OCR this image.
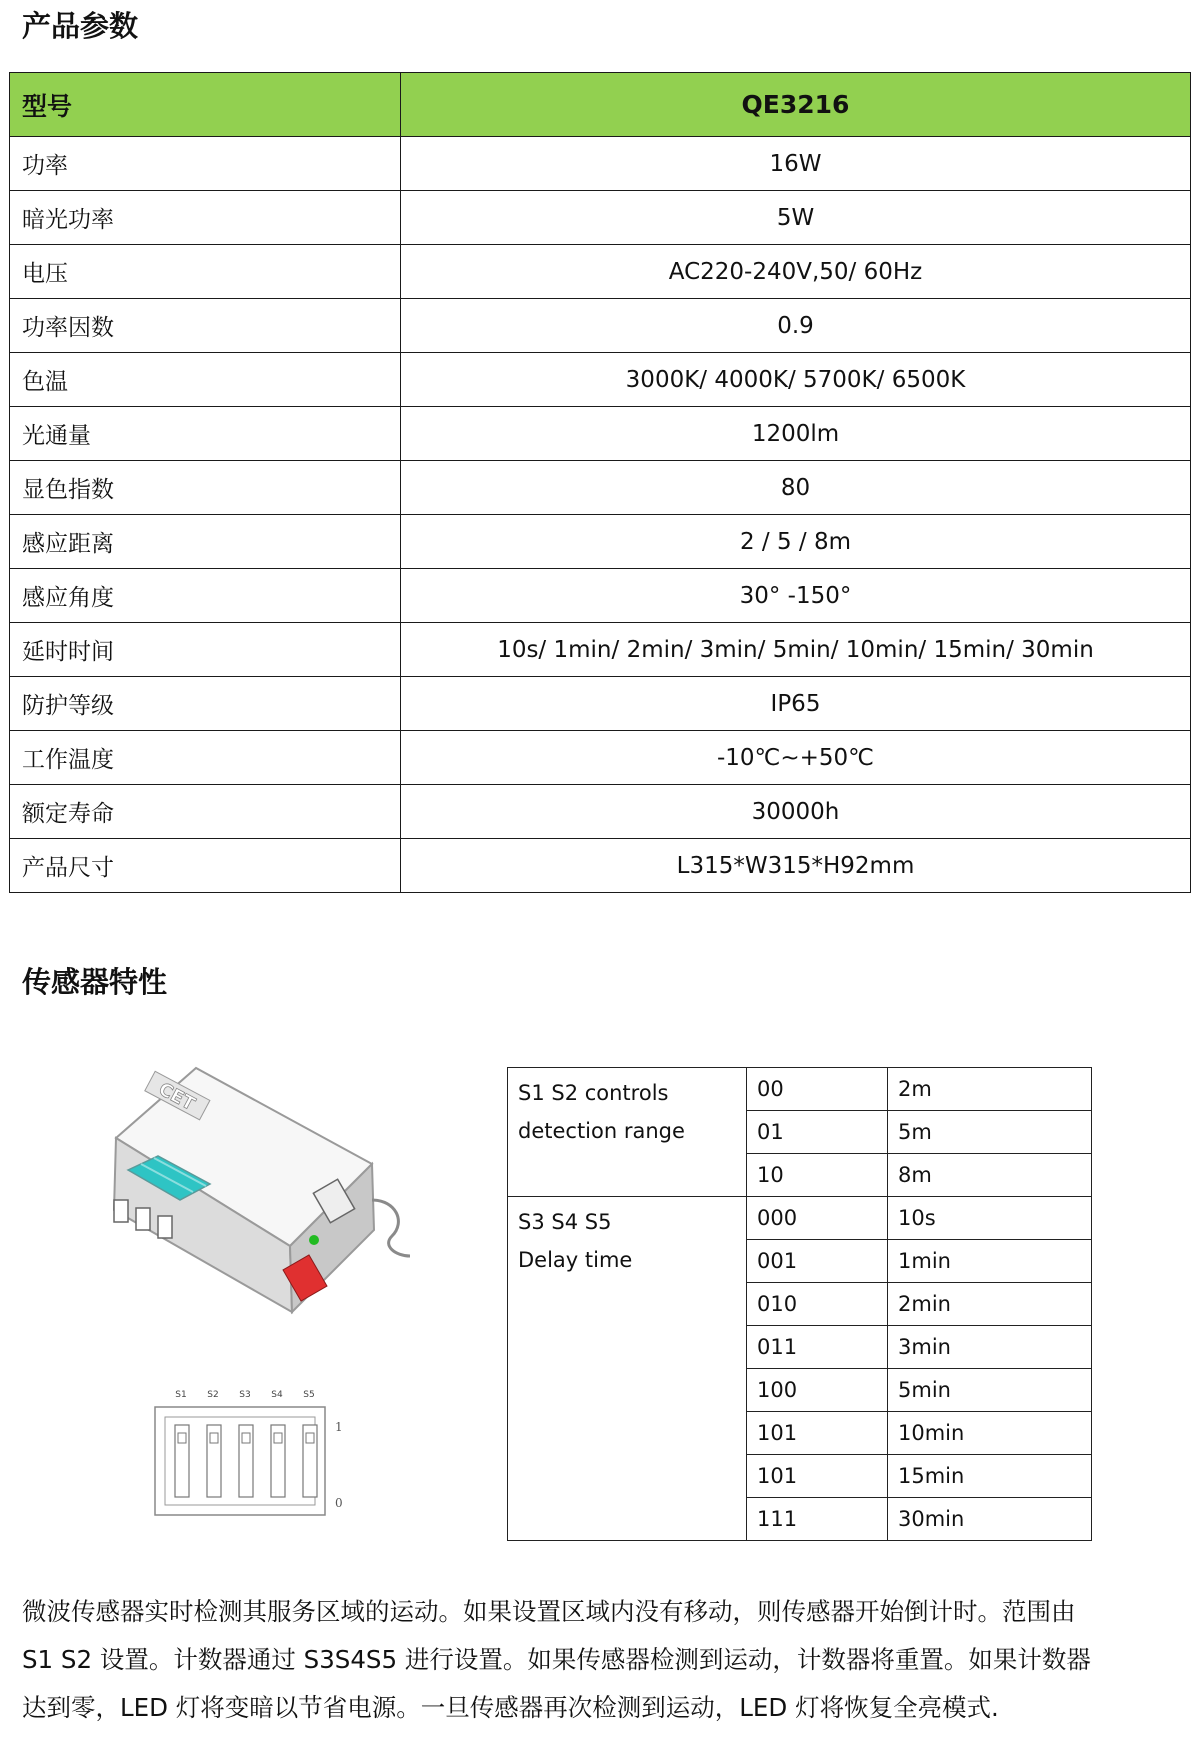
产品参数
型号	QE3216
功率	16W
暗光功率	5W
电压	AC220-240V,50/ 60Hz
功率因数	0.9
色温	3000K/ 4000K/ 5700K/ 6500K
光通量	1200lm
显色指数	80
感应距离	2 / 5 / 8m
感应角度	30° -150°
延时时间	10s/ 1min/ 2min/ 3min/ 5min/ 10min/ 15min/ 30min
防护等级	IP65
工作温度	-10℃~+50℃
额定寿命	30000h
产品尺寸	L315*W315*H92mm
传感器特性
CET
S1 S2 S3 S4 S5
1
0
S1 S2 controls
detection range	00	2m
	01	5m
	10	8m

S3 S4 S5
Delay time	000	10s
	001	1min
	010	2min
	011	3min
	100	5min
	101	10min
	101	15min
	111	30min
微波传感器实时检测其服务区域的运动。如果设置区域内没有移动，则传感器开始倒计时。范围由
S1 S2 设置。计数器通过 S3S4S5 进行设置。如果传感器检测到运动，计数器将重置。如果计数器
达到零，LED 灯将变暗以节省电源。一旦传感器再次检测到运动，LED 灯将恢复全亮模式.
